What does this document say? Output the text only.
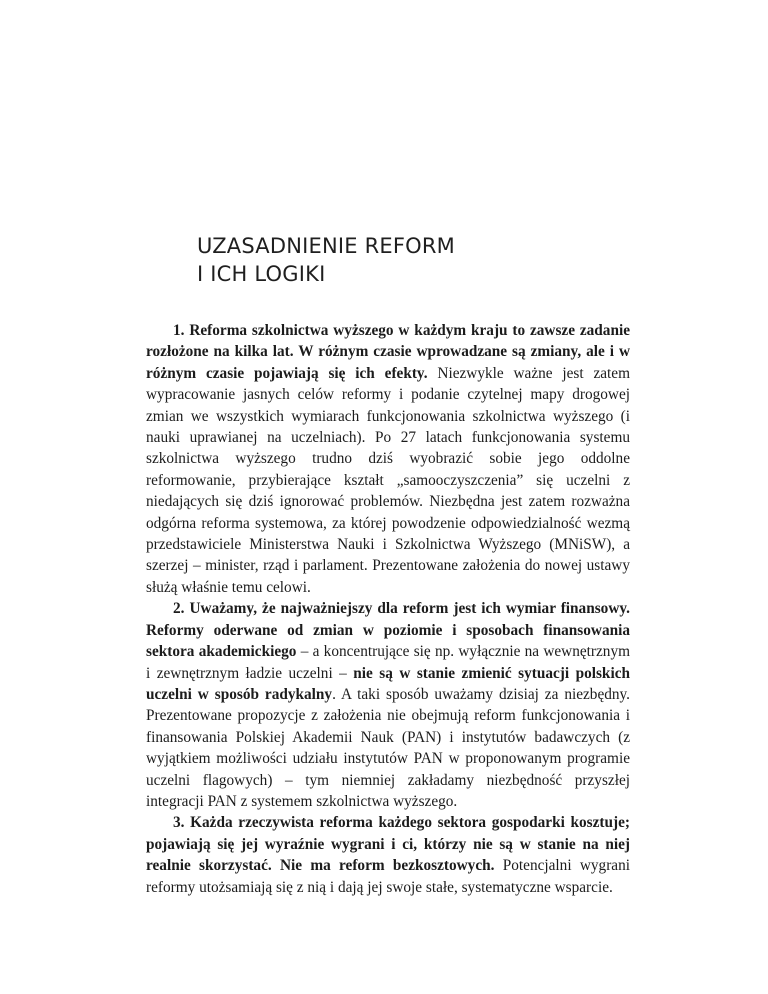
UZASADNIENIE REFORM
I ICH LOGIKI

1. Reforma szkolnictwa wyższego w każdym kraju to zawsze zadanie rozłożone na kilka lat. W różnym czasie wprowadzane są zmiany, ale i w różnym czasie pojawiają się ich efekty. Niezwykle ważne jest zatem wypracowanie jasnych celów reformy i podanie czytelnej mapy drogowej zmian we wszystkich wymiarach funkcjonowania szkolnictwa wyższego (i nauki uprawianej na uczelniach). Po 27 latach funkcjonowania systemu szkolnictwa wyższego trudno dziś wyobrazić sobie jego oddolne reformowanie, przybierające kształt „samooczyszczenia” się uczelni z niedających się dziś ignorować problemów. Niezbędna jest zatem rozważna odgórna reforma systemowa, za której powodzenie odpowiedzialność wezmą przedstawiciele Ministerstwa Nauki i Szkolnictwa Wyższego (MNiSW), a szerzej – minister, rząd i parlament. Prezentowane założenia do nowej ustawy służą właśnie temu celowi.

2. Uważamy, że najważniejszy dla reform jest ich wymiar finansowy. Reformy oderwane od zmian w poziomie i sposobach finansowania sektora akademickiego – a koncentrujące się np. wyłącznie na wewnętrznym i zewnętrznym ładzie uczelni – nie są w stanie zmienić sytuacji polskich uczelni w sposób radykalny. A taki sposób uważamy dzisiaj za niezbędny. Prezentowane propozycje z założenia nie obejmują reform funkcjonowania i finansowania Polskiej Akademii Nauk (PAN) i instytutów badawczych (z wyjątkiem możliwości udziału instytutów PAN w proponowanym programie uczelni flagowych) – tym niemniej zakładamy niezbędność przyszłej integracji PAN z systemem szkolnictwa wyższego.

3. Każda rzeczywista reforma każdego sektora gospodarki kosztuje; pojawiają się jej wyraźnie wygrani i ci, którzy nie są w stanie na niej realnie skorzystać. Nie ma reform bezkosztowych. Potencjalni wygrani reformy utożsamiają się z nią i dają jej swoje stałe, systematyczne wsparcie.
